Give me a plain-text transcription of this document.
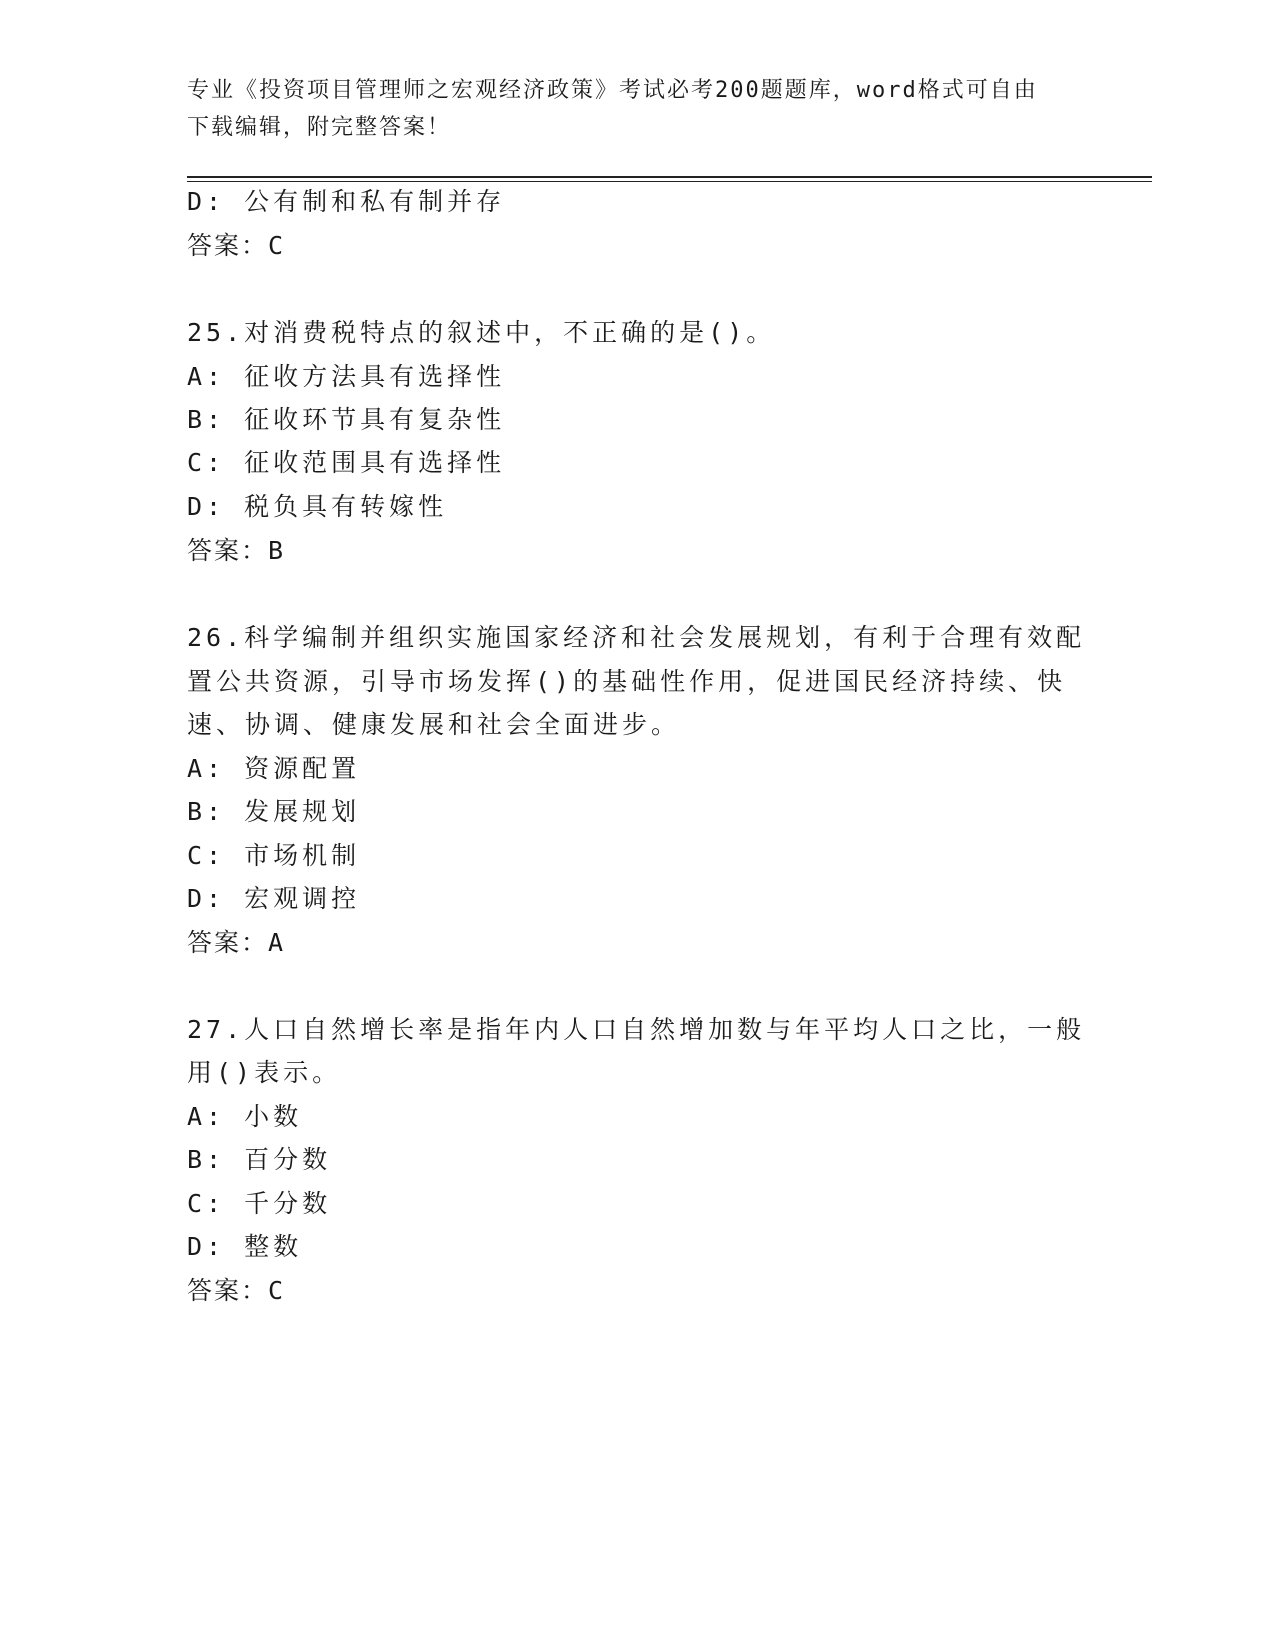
专业《投资项目管理师之宏观经济政策》考试必考200题题库，word格式可自由
下载编辑，附完整答案！
D: 公有制和私有制并存
答案：C
25.对消费税特点的叙述中，不正确的是()。
A: 征收方法具有选择性
B: 征收环节具有复杂性
C: 征收范围具有选择性
D: 税负具有转嫁性
答案：B
26.科学编制并组织实施国家经济和社会发展规划，有利于合理有效配
置公共资源，引导市场发挥()的基础性作用，促进国民经济持续、快
速、协调、健康发展和社会全面进步。
A: 资源配置
B: 发展规划
C: 市场机制
D: 宏观调控
答案：A
27.人口自然增长率是指年内人口自然增加数与年平均人口之比，一般
用()表示。
A: 小数
B: 百分数
C: 千分数
D: 整数
答案：C
